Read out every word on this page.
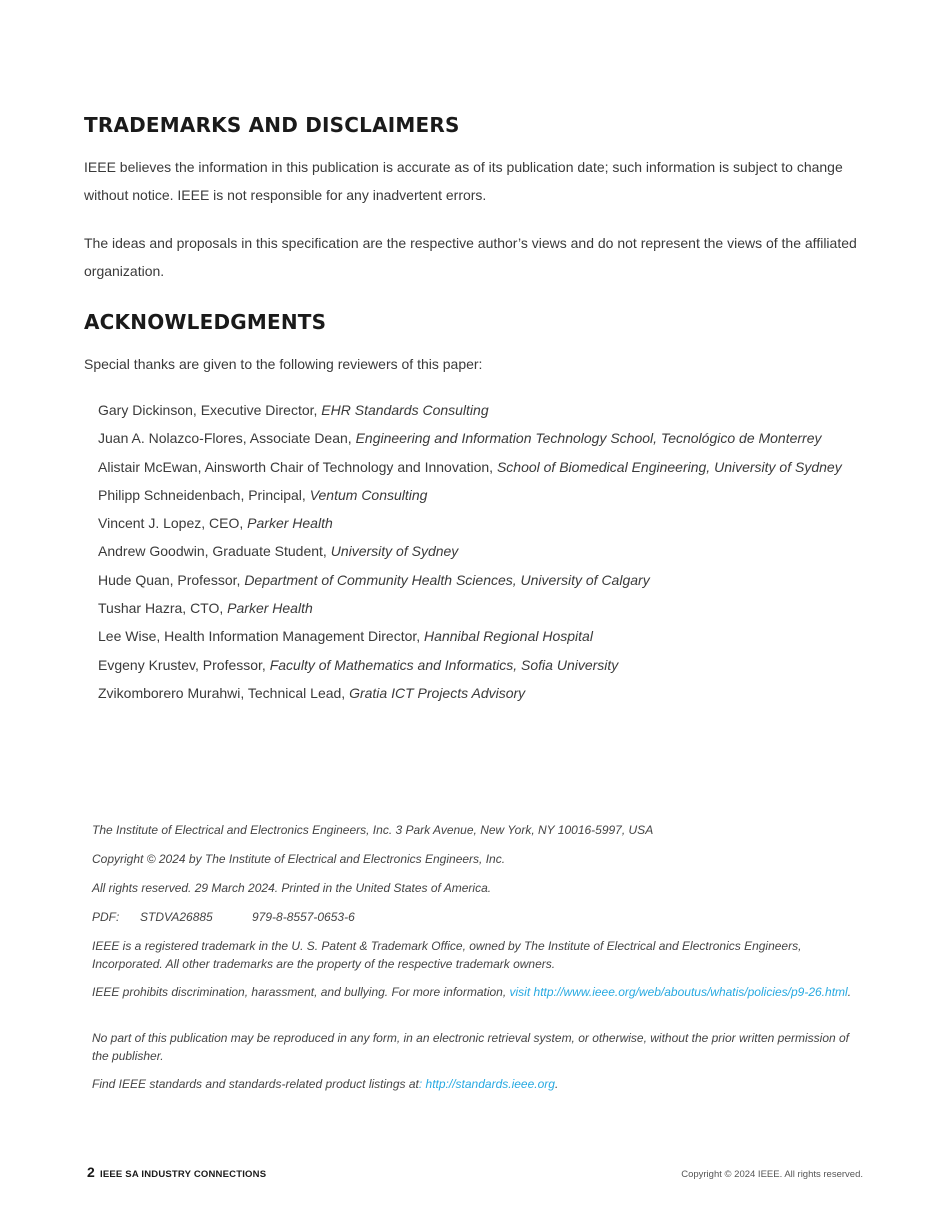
TRADEMARKS AND DISCLAIMERS

IEEE believes the information in this publication is accurate as of its publication date; such information is subject to change without notice. IEEE is not responsible for any inadvertent errors.

The ideas and proposals in this specification are the respective author’s views and do not represent the views of the affiliated organization.

ACKNOWLEDGMENTS

Special thanks are given to the following reviewers of this paper:

Gary Dickinson, Executive Director, EHR Standards Consulting
Juan A. Nolazco-Flores, Associate Dean, Engineering and Information Technology School, Tecnológico de Monterrey
Alistair McEwan, Ainsworth Chair of Technology and Innovation, School of Biomedical Engineering, University of Sydney
Philipp Schneidenbach, Principal, Ventum Consulting
Vincent J. Lopez, CEO, Parker Health
Andrew Goodwin, Graduate Student, University of Sydney
Hude Quan, Professor, Department of Community Health Sciences, University of Calgary
Tushar Hazra, CTO, Parker Health
Lee Wise, Health Information Management Director, Hannibal Regional Hospital
Evgeny Krustev, Professor, Faculty of Mathematics and Informatics, Sofia University
Zvikomborero Murahwi, Technical Lead, Gratia ICT Projects Advisory

The Institute of Electrical and Electronics Engineers, Inc. 3 Park Avenue, New York, NY 10016-5997, USA

Copyright © 2024 by The Institute of Electrical and Electronics Engineers, Inc.

All rights reserved. 29 March 2024. Printed in the United States of America.

PDF: STDVA26885	979-8-8557-0653-6

IEEE is a registered trademark in the U. S. Patent & Trademark Office, owned by The Institute of Electrical and Electronics Engineers, Incorporated. All other trademarks are the property of the respective trademark owners.

IEEE prohibits discrimination, harassment, and bullying. For more information, visit http://www.ieee.org/web/aboutus/whatis/policies/p9-26.html.

No part of this publication may be reproduced in any form, in an electronic retrieval system, or otherwise, without the prior written permission of the publisher.

Find IEEE standards and standards-related product listings at: http://standards.ieee.org.

2 IEEE SA INDUSTRY CONNECTIONS	Copyright © 2024 IEEE. All rights reserved.
